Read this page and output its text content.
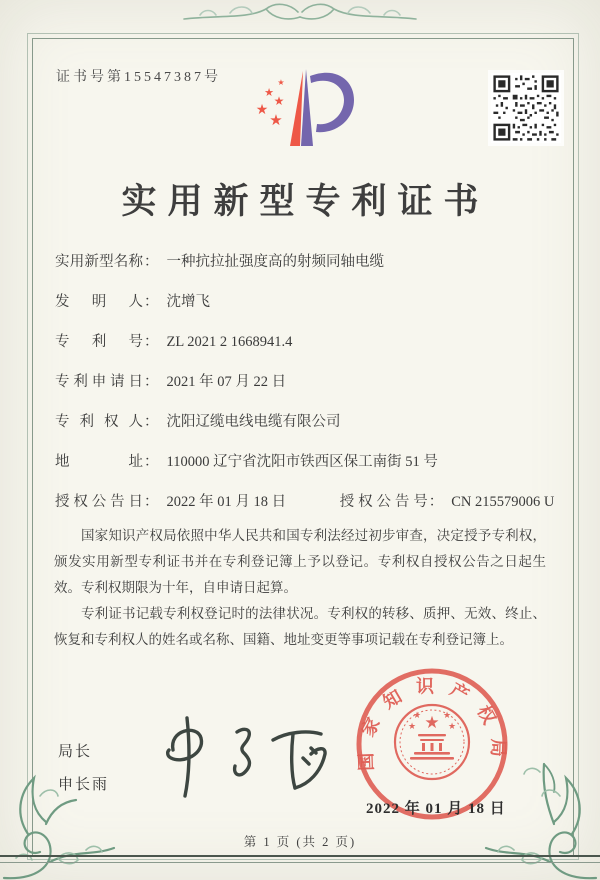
证书号第15547387号	★
★
★
★
★
实用新型专利证书
实用新型名称： 一种抗拉扯强度高的射频同轴电缆
发明人： 沈增飞
专利号： ZL 2021 2 1668941.4
专利申请日： 2021 年 07 月 22 日
专利权人： 沈阳辽缆电线电缆有限公司
地址： 110000 辽宁省沈阳市铁西区保工南街 51 号
授权公告日： 2022 年 01 月 18 日	授权公告号： CN 215579006 U

国家知识产权局依照中华人民共和国专利法经过初步审查，决定授予专利权，颁发实用新型专利证书并在专利登记簿上予以登记。专利权自授权公告之日起生效。专利权期限为十年，自申请日起算。

专利证书记载专利权登记时的法律状况。专利权的转移、质押、无效、终止、恢复和专利权人的姓名或名称、国籍、地址变更等事项记载在专利登记簿上。

局长
申长雨
国家知识产权局
★
★ ★
★	★
2022 年 01 月 18 日
第 1 页 (共 2 页)
